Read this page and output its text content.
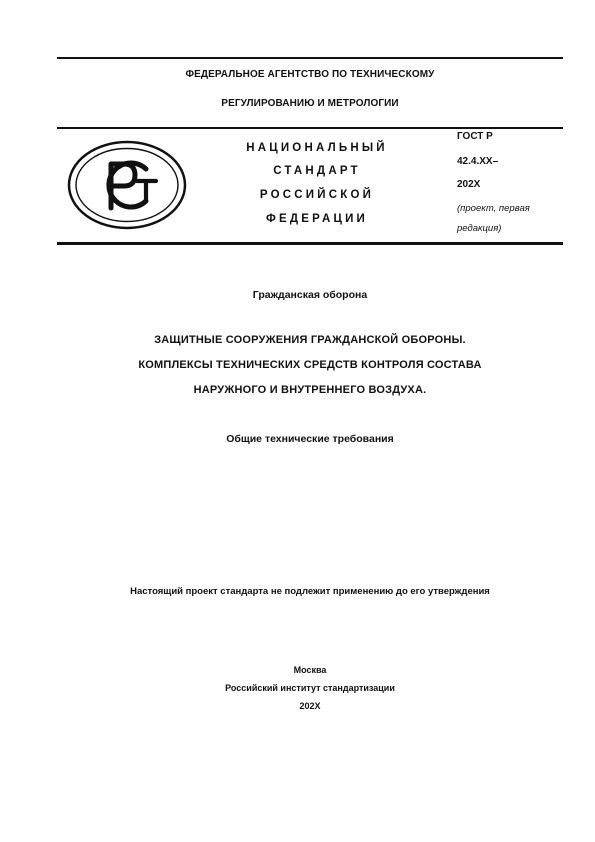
ФЕДЕРАЛЬНОЕ АГЕНТСТВО ПО ТЕХНИЧЕСКОМУ
РЕГУЛИРОВАНИЮ И МЕТРОЛОГИИ
НАЦИОНАЛЬНЫЙ
СТАНДАРТ
РОССИЙСКОЙ
ФЕДЕРАЦИИ
ГОСТ Р
42.4.ХХ–
202Х
(проект, первая
редакция)
Гражданская оборона
ЗАЩИТНЫЕ СООРУЖЕНИЯ ГРАЖДАНСКОЙ ОБОРОНЫ.
КОМПЛЕКСЫ ТЕХНИЧЕСКИХ СРЕДСТВ КОНТРОЛЯ СОСТАВА
НАРУЖНОГО И ВНУТРЕННЕГО ВОЗДУХА.
Общие технические требования
Настоящий проект стандарта не подлежит применению до его утверждения
Москва
Российский институт стандартизации
202Х
